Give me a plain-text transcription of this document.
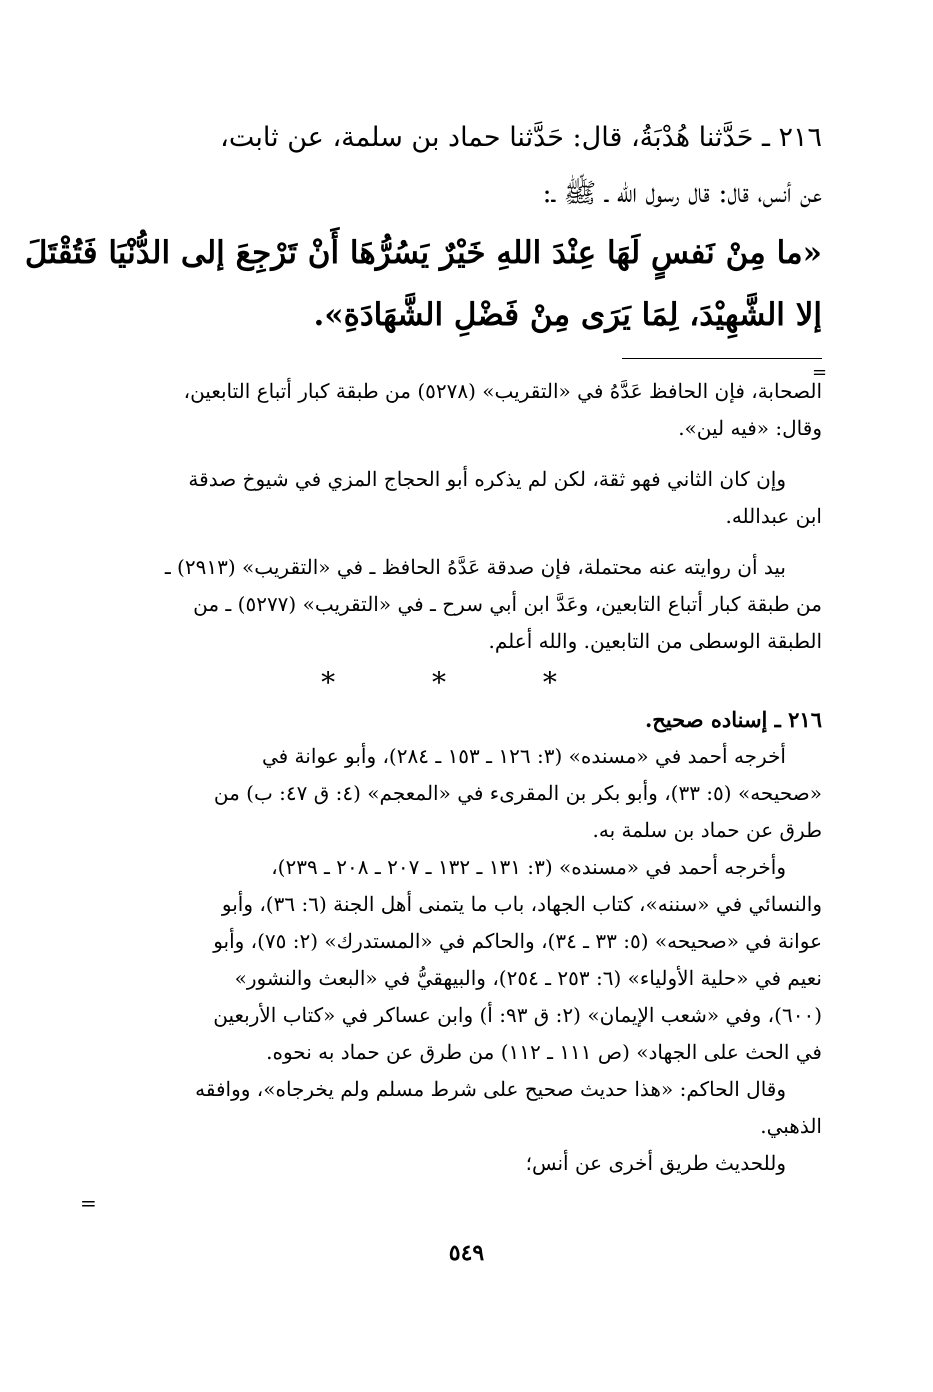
٢١٦ ـ حَدَّثنا هُدْبَةُ، قال: حَدَّثنا حماد بن سلمة، عن ثابت،
عن أنس، قال: قال رسول الله ـ ﷺ ـ:
«ما مِنْ نَفسٍ لَهَا عِنْدَ اللهِ خَيْرٌ يَسُرُّهَا أَنْ تَرْجِعَ إلى الدُّنْيَا فَتُقْتَلَ
إلا الشَّهِيْدَ، لِمَا يَرَى مِنْ فَضْلِ الشَّهَادَةِ».
الصحابة، فإن الحافظ عَدَّهُ في «التقريب» (٥٢٧٨) من طبقة كبار أتباع التابعين،
وقال: «فيه لين».
وإن كان الثاني فهو ثقة، لكن لم يذكره أبو الحجاج المزي في شيوخ صدقة
ابن عبدالله.
بيد أن روايته عنه محتملة، فإن صدقة عَدَّهُ الحافظ ـ في «التقريب» (٢٩١٣) ـ
من طبقة كبار أتباع التابعين، وعَدَّ ابن أبي سرح ـ في «التقريب» (٥٢٧٧) ـ من
الطبقة الوسطى من التابعين. والله أعلم.
* * *
٢١٦ ـ إسناده صحيح.
أخرجه أحمد في «مسنده» (٣: ١٢٦ ـ ١٥٣ ـ ٢٨٤)، وأبو عوانة في
«صحيحه» (٥: ٣٣)، وأبو بكر بن المقرىء في «المعجم» (٤: ق ٤٧: ب) من
طرق عن حماد بن سلمة به.
وأخرجه أحمد في «مسنده» (٣: ١٣١ ـ ١٣٢ ـ ٢٠٧ ـ ٢٠٨ ـ ٢٣٩)،
والنسائي في «سننه»، كتاب الجهاد، باب ما يتمنى أهل الجنة (٦: ٣٦)، وأبو
عوانة في «صحيحه» (٥: ٣٣ ـ ٣٤)، والحاكم في «المستدرك» (٢: ٧٥)، وأبو
نعيم في «حلية الأولياء» (٦: ٢٥٣ ـ ٢٥٤)، والبيهقيُّ في «البعث والنشور»
(٦٠٠)، وفي «شعب الإيمان» (٢: ق ٩٣: أ) وابن عساكر في «كتاب الأربعين
في الحث على الجهاد» (ص ١١١ ـ ١١٢) من طرق عن حماد به نحوه.
وقال الحاكم: «هذا حديث صحيح على شرط مسلم ولم يخرجاه»، ووافقه
الذهبي.
وللحديث طريق أخرى عن أنس؛
=
=
٥٤٩
